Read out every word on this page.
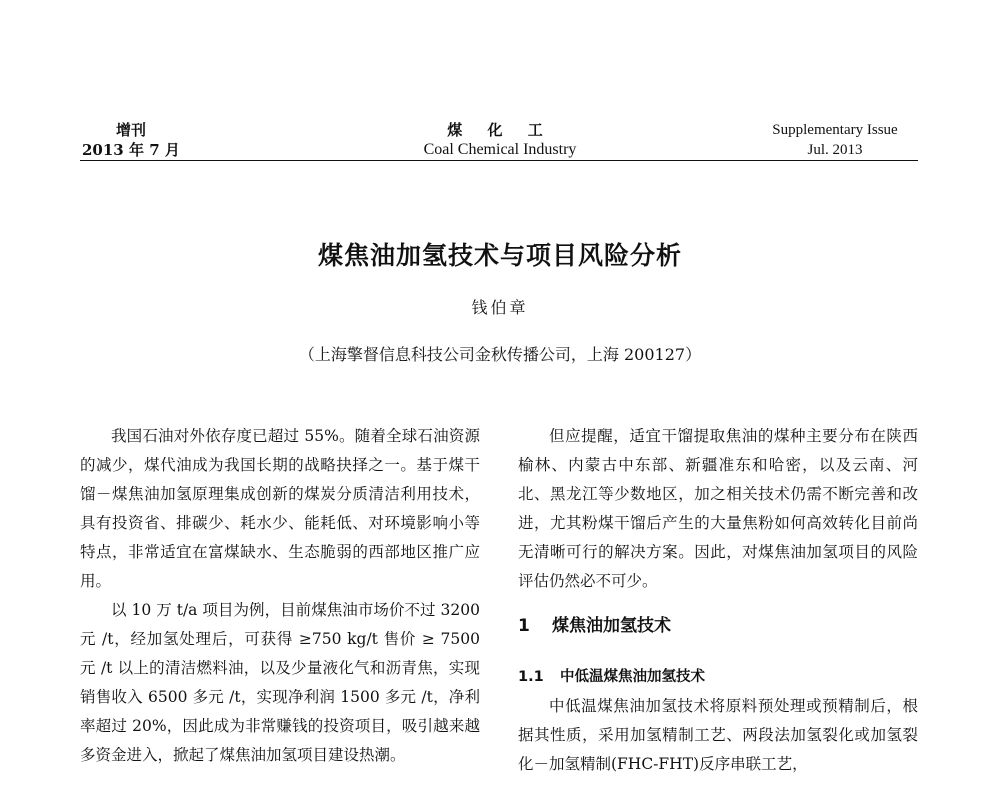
增刊
2013 年 7 月
煤 化 工
Coal Chemical Industry
Supplementary Issue
Jul. 2013
煤焦油加氢技术与项目风险分析
钱伯章
（上海擎督信息科技公司金秋传播公司，上海 200127）

我国石油对外依存度已超过 55%。随着全球石油资源的减少，煤代油成为我国长期的战略抉择之一。基于煤干馏－煤焦油加氢原理集成创新的煤炭分质清洁利用技术，具有投资省、排碳少、耗水少、能耗低、对环境影响小等特点，非常适宜在富煤缺水、生态脆弱的西部地区推广应用。

以 10 万 t/a 项目为例，目前煤焦油市场价不过 3200 元 /t，经加氢处理后，可获得 ≥750 kg/t 售价 ≥ 7500 元 /t 以上的清洁燃料油，以及少量液化气和沥青焦，实现销售收入 6500 多元 /t，实现净利润 1500 多元 /t，净利率超过 20%，因此成为非常赚钱的投资项目，吸引越来越多资金进入，掀起了煤焦油加氢项目建设热潮。

但应提醒，适宜干馏提取焦油的煤种主要分布在陕西榆林、内蒙古中东部、新疆准东和哈密，以及云南、河北、黑龙江等少数地区，加之相关技术仍需不断完善和改进，尤其粉煤干馏后产生的大量焦粉如何高效转化目前尚无清晰可行的解决方案。因此，对煤焦油加氢项目的风险评估仍然必不可少。

1 煤焦油加氢技术
1.1 中低温煤焦油加氢技术

中低温煤焦油加氢技术将原料预处理或预精制后，根据其性质，采用加氢精制工艺、两段法加氢裂化或加氢裂化－加氢精制(FHC-FHT)反序串联工艺，
